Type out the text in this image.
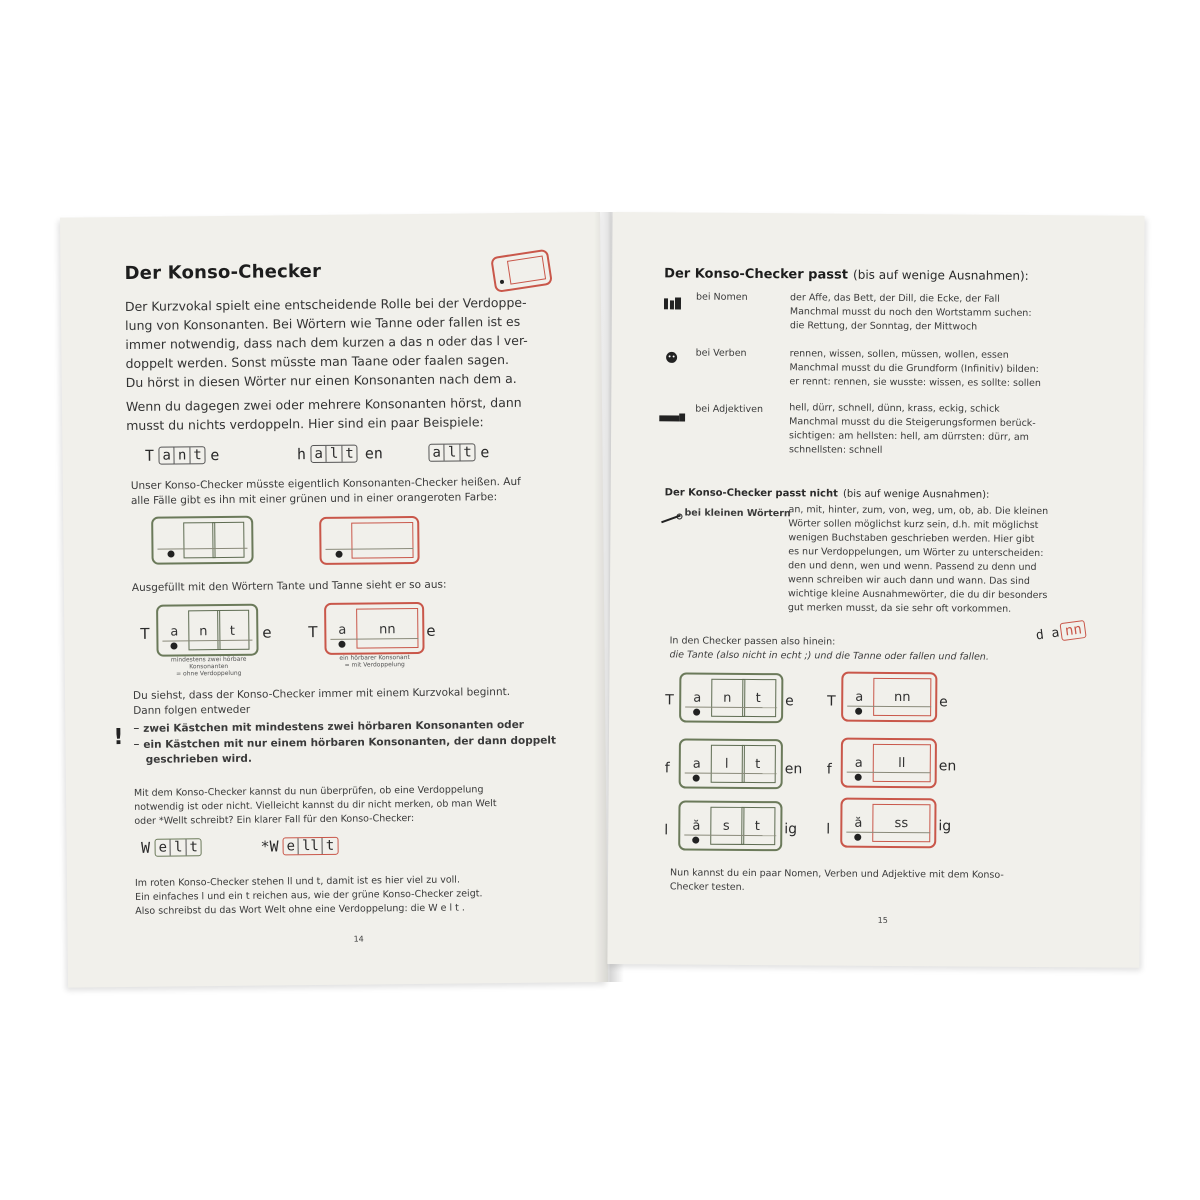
Der Konso-Checker
Der Kurzvokal spielt eine entscheidende Rolle bei der Verdoppe-
lung von Konsonanten. Bei Wörtern wie Tanne oder fallen ist es
immer notwendig, dass nach dem kurzen a das n oder das l ver-
doppelt werden. Sonst müsste man Taane oder faalen sagen.
Du hörst in diesen Wörter nur einen Konsonanten nach dem a.
Wenn du dagegen zwei oder mehrere Konsonanten hörst, dann
musst du nichts verdoppeln. Hier sind ein paar Beispiele:
T a n t e	h a l t en	a l t e
Unser Konso-Checker müsste eigentlich Konsonanten-Checker heißen. Auf
alle Fälle gibt es ihn mit einer grünen und in einer orangeroten Farbe:
Ausgefüllt mit den Wörtern Tante und Tanne sieht er so aus:
T	a	n	t	e
mindestens zwei hörbare Konsonanten
= ohne Verdoppelung
T	a	nn	e
ein hörbarer Konsonant
= mit Verdoppelung
Du siehst, dass der Konso-Checker immer mit einem Kurzvokal beginnt.
Dann folgen entweder
! – zwei Kästchen mit mindestens zwei hörbaren Konsonanten oder
– ein Kästchen mit nur einem hörbaren Konsonanten, der dann doppelt
geschrieben wird.
Mit dem Konso-Checker kannst du nun überprüfen, ob eine Verdoppelung
notwendig ist oder nicht. Vielleicht kannst du dir nicht merken, ob man Welt
oder *Wellt schreibt? Ein klarer Fall für den Konso-Checker:
W e l t	*W e ll t
Im roten Konso-Checker stehen ll und t, damit ist es hier viel zu voll.
Ein einfaches l und ein t reichen aus, wie der grüne Konso-Checker zeigt.
Also schreibst du das Wort Welt ohne eine Verdoppelung: die W e l t .
14
Der Konso-Checker passt (bis auf wenige Ausnahmen):
bei Nomen	der Affe, das Bett, der Dill, die Ecke, der Fall
Manchmal musst du noch den Wortstamm suchen:
die Rettung, der Sonntag, der Mittwoch
bei Verben	rennen, wissen, sollen, müssen, wollen, essen
Manchmal musst du die Grundform (Infinitiv) bilden:
er rennt: rennen, sie wusste: wissen, es sollte: sollen
bei Adjektiven	hell, dürr, schnell, dünn, krass, eckig, schick
Manchmal musst du die Steigerungsformen berück-
sichtigen: am hellsten: hell, am dürrsten: dürr, am
schnellsten: schnell
Der Konso-Checker passt nicht (bis auf wenige Ausnahmen):
bei kleinen Wörtern
an, mit, hinter, zum, von, weg, um, ob, ab. Die kleinen
Wörter sollen möglichst kurz sein, d.h. mit möglichst
wenigen Buchstaben geschrieben werden. Hier gibt
es nur Verdoppelungen, um Wörter zu unterscheiden:
den und denn, wen und wenn. Passend zu denn und
wenn schreiben wir auch dann und wann. Das sind
wichtige kleine Ausnahmewörter, die du dir besonders
gut merken musst, da sie sehr oft vorkommen.
In den Checker passen also hinein:
die Tante (also nicht in echt ;) und die Tanne oder fallen und fallen.
d a nn
T	a	n	t	e T	a	nn	e
f	a	l	t	en f	a	ll	en
l	ă	s	t	ig l	ă	ss	ig
Nun kannst du ein paar Nomen, Verben und Adjektive mit dem Konso-
Checker testen.
15
